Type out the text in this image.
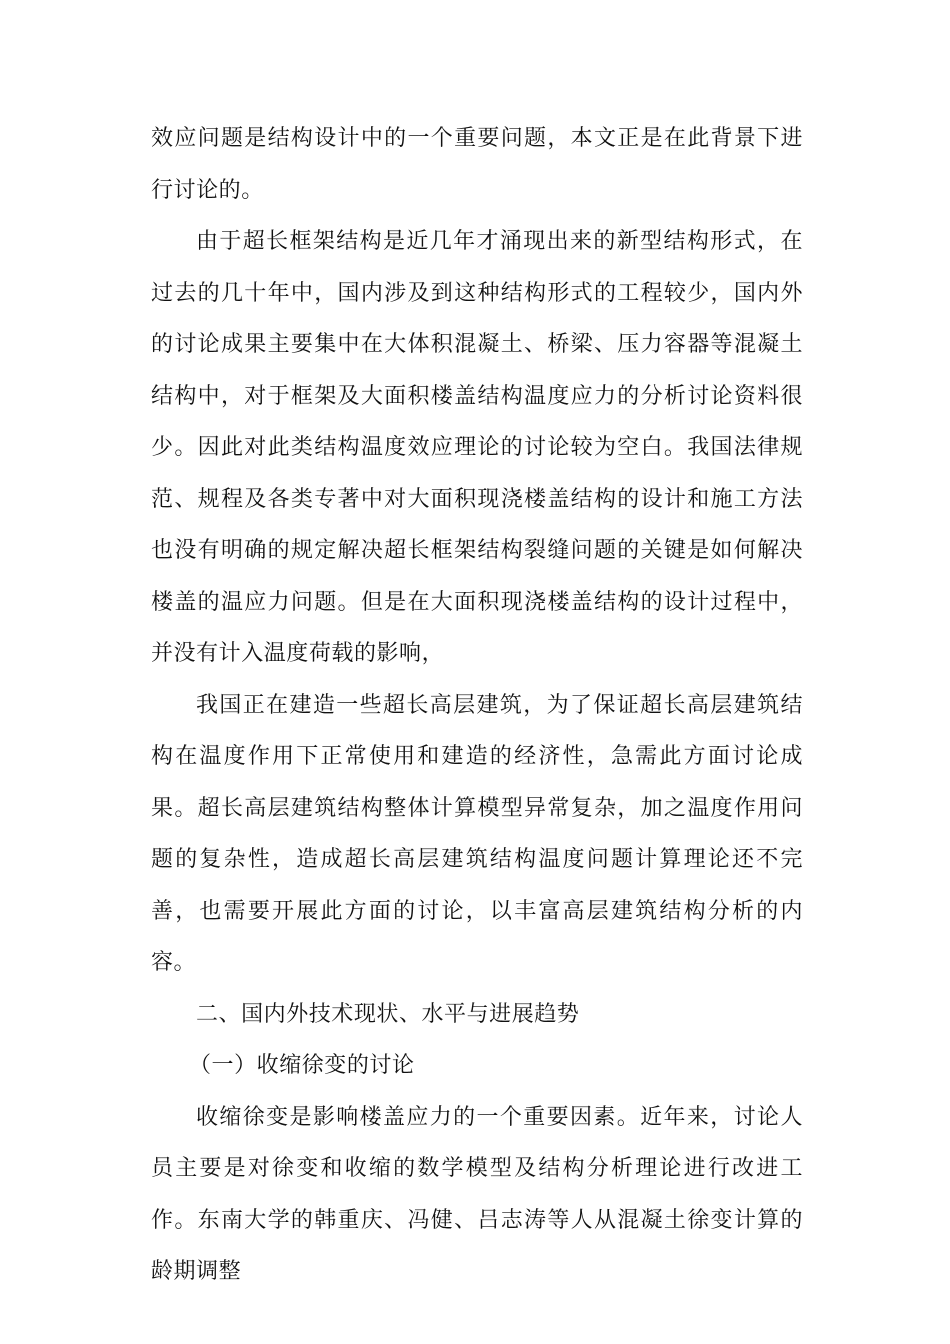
效应问题是结构设计中的一个重要问题，本文正是在此背景下进行讨论的。

由于超长框架结构是近几年才涌现出来的新型结构形式，在过去的几十年中，国内涉及到这种结构形式的工程较少，国内外的讨论成果主要集中在大体积混凝土、桥梁、压力容器等混凝土结构中，对于框架及大面积楼盖结构温度应力的分析讨论资料很少。因此对此类结构温度效应理论的讨论较为空白。我国法律规范、规程及各类专著中对大面积现浇楼盖结构的设计和施工方法也没有明确的规定解决超长框架结构裂缝问题的关键是如何解决楼盖的温应力问题。但是在大面积现浇楼盖结构的设计过程中，并没有计入温度荷载的影响，

我国正在建造一些超长高层建筑，为了保证超长高层建筑结构在温度作用下正常使用和建造的经济性，急需此方面讨论成果。超长高层建筑结构整体计算模型异常复杂，加之温度作用问题的复杂性，造成超长高层建筑结构温度问题计算理论还不完善，也需要开展此方面的讨论，以丰富高层建筑结构分析的内容。

二、国内外技术现状、水平与进展趋势

（一）收缩徐变的讨论

收缩徐变是影响楼盖应力的一个重要因素。近年来，讨论人员主要是对徐变和收缩的数学模型及结构分析理论进行改进工作。东南大学的韩重庆、冯健、吕志涛等人从混凝土徐变计算的龄期调整
